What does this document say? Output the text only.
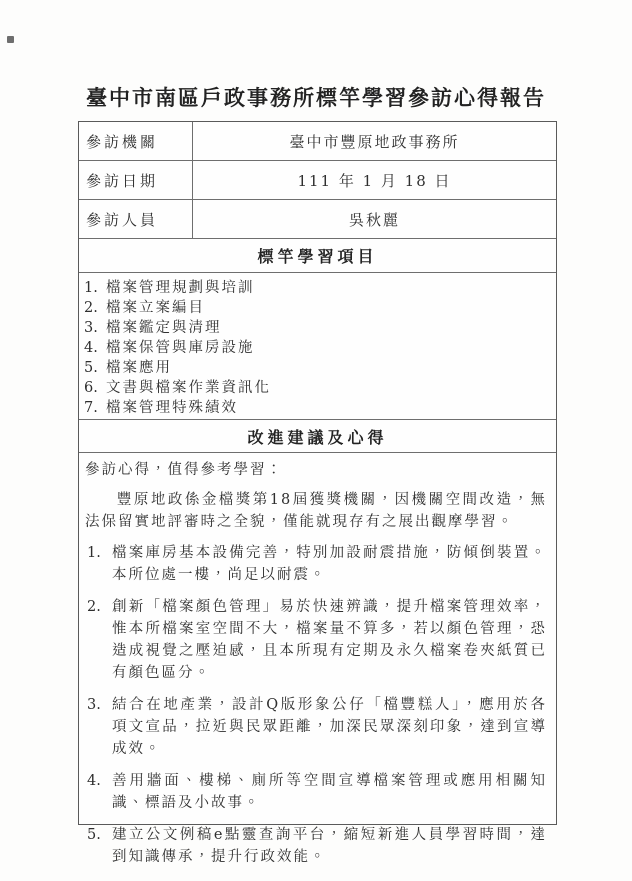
臺中市南區戶政事務所標竿學習參訪心得報告
參訪機關	臺中市豐原地政事務所
參訪日期	111 年 1 月 18 日
參訪人員	吳秋麗
標竿學習項目
1. 檔案管理規劃與培訓
2. 檔案立案編目
3. 檔案鑑定與清理
4. 檔案保管與庫房設施
5. 檔案應用
6. 文書與檔案作業資訊化
7. 檔案管理特殊績效
改進建議及心得
參訪心得，值得參考學習：
豐原地政係金檔獎第18屆獲獎機關，因機關空間改造，無法保留實地評審時之全貌，僅能就現存有之展出觀摩學習。
1. 檔案庫房基本設備完善，特別加設耐震措施，防傾倒裝置。本所位處一樓，尚足以耐震。
2. 創新「檔案顏色管理」易於快速辨識，提升檔案管理效率，惟本所檔案室空間不大，檔案量不算多，若以顏色管理，恐造成視覺之壓迫感，且本所現有定期及永久檔案卷夾紙質已有顏色區分。
3. 結合在地產業，設計Q版形象公仔「檔豐糕人」，應用於各項文宣品，拉近與民眾距離，加深民眾深刻印象，達到宣導成效。
4. 善用牆面、樓梯、廁所等空間宣導檔案管理或應用相關知識、標語及小故事。
5. 建立公文例稿e點靈查詢平台，縮短新進人員學習時間，達到知識傳承，提升行政效能。
